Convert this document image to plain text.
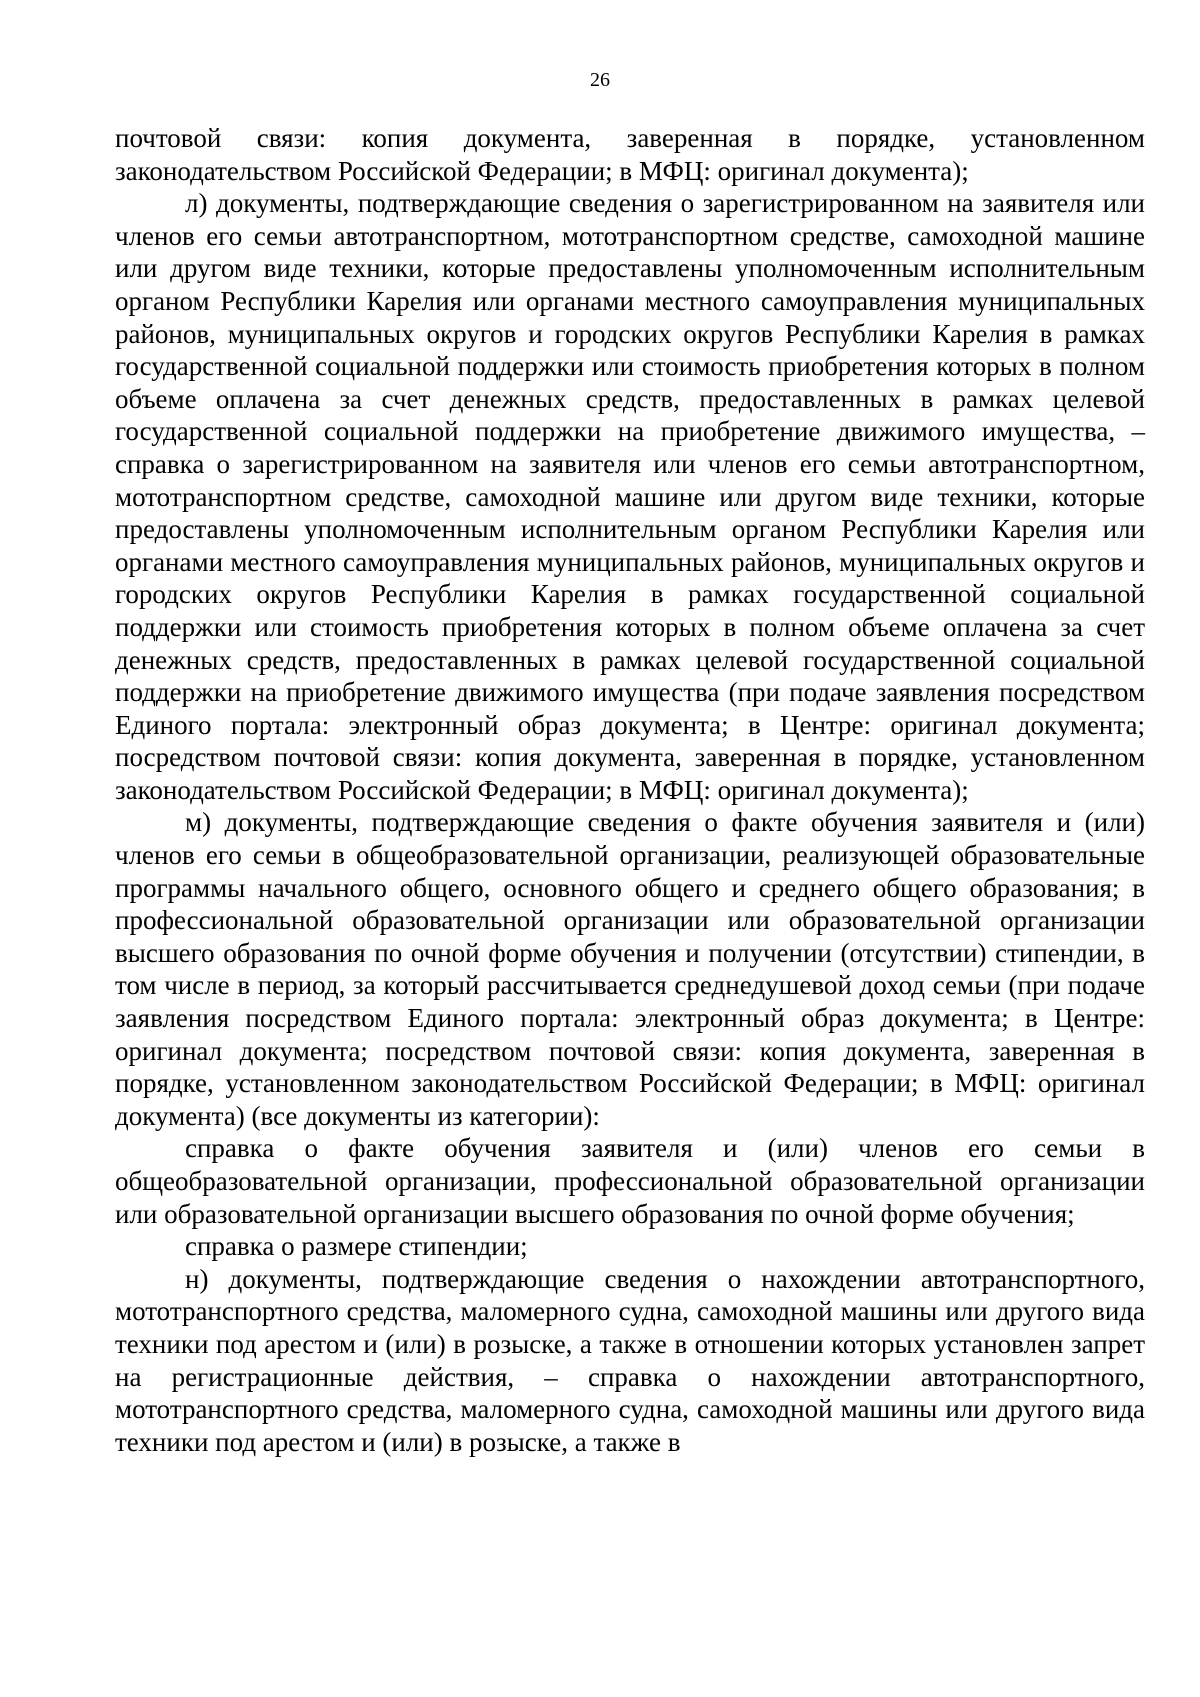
26

почтовой связи: копия документа, заверенная в порядке, установленном законодательством Российской Федерации; в МФЦ: оригинал документа);

л) документы, подтверждающие сведения о зарегистрированном на заявителя или членов его семьи автотранспортном, мототранспортном средстве, самоходной машине или другом виде техники, которые предоставлены уполномоченным исполнительным органом Республики Карелия или органами местного самоуправления муниципальных районов, муниципальных округов и городских округов Республики Карелия в рамках государственной социальной поддержки или стоимость приобретения которых в полном объеме оплачена за счет денежных средств, предоставленных в рамках целевой государственной социальной поддержки на приобретение движимого имущества, – справка о зарегистрированном на заявителя или членов его семьи автотранспортном, мототранспортном средстве, самоходной машине или другом виде техники, которые предоставлены уполномоченным исполнительным органом Республики Карелия или органами местного самоуправления муниципальных районов, муниципальных округов и городских округов Республики Карелия в рамках государственной социальной поддержки или стоимость приобретения которых в полном объеме оплачена за счет денежных средств, предоставленных в рамках целевой государственной социальной поддержки на приобретение движимого имущества (при подаче заявления посредством Единого портала: электронный образ документа; в Центре: оригинал документа; посредством почтовой связи: копия документа, заверенная в порядке, установленном законодательством Российской Федерации; в МФЦ: оригинал документа);

м) документы, подтверждающие сведения о факте обучения заявителя и (или) членов его семьи в общеобразовательной организации, реализующей образовательные программы начального общего, основного общего и среднего общего образования; в профессиональной образовательной организации или образовательной организации высшего образования по очной форме обучения и получении (отсутствии) стипендии, в том числе в период, за который рассчитывается среднедушевой доход семьи (при подаче заявления посредством Единого портала: электронный образ документа; в Центре: оригинал документа; посредством почтовой связи: копия документа, заверенная в порядке, установленном законодательством Российской Федерации; в МФЦ: оригинал документа) (все документы из категории):

справка о факте обучения заявителя и (или) членов его семьи в общеобразовательной организации, профессиональной образовательной организации или образовательной организации высшего образования по очной форме обучения;

справка о размере стипендии;

н) документы, подтверждающие сведения о нахождении автотранспортного, мототранспортного средства, маломерного судна, самоходной машины или другого вида техники под арестом и (или) в розыске, а также в отношении которых установлен запрет на регистрационные действия, – справка о нахождении автотранспортного, мототранспортного средства, маломерного судна, самоходной машины или другого вида техники под арестом и (или) в розыске, а также в
